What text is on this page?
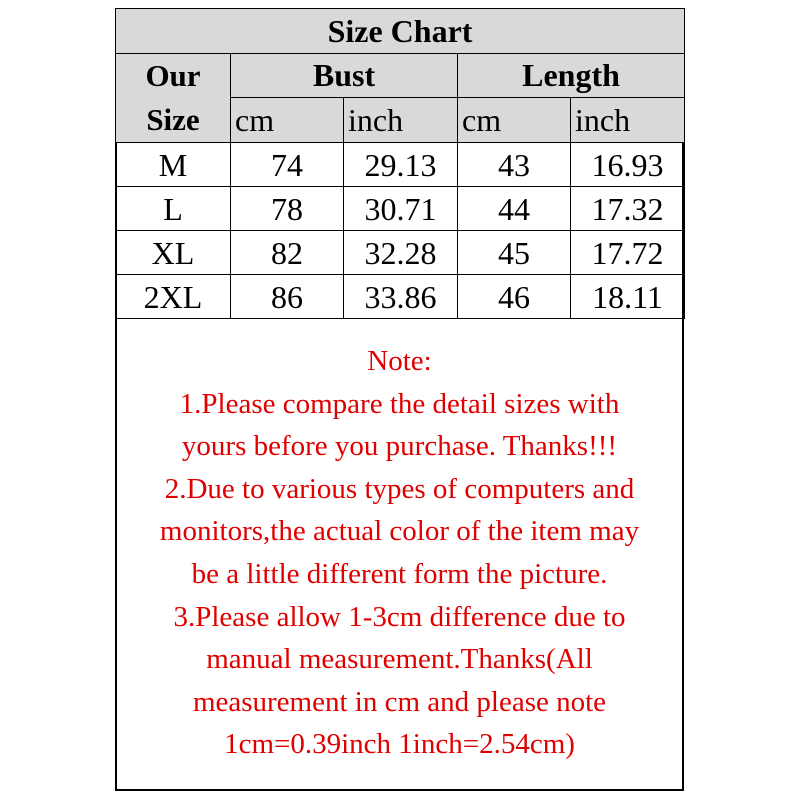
Size Chart				

Our
Size	Bust		Length	
	cm	inch	cm	inch
M	74	29.13	43	16.93
L	78	30.71	44	17.32
XL	82	32.28	45	17.72
2XL	86	33.86	46	18.11
Note:
1.Please compare the detail sizes with
yours before you purchase. Thanks!!!
2.Due to various types of computers and
monitors,the actual color of the item may
be a little different form the picture.
3.Please allow 1-3cm difference due to
manual measurement.Thanks(All
measurement in cm and please note
1cm=0.39inch 1inch=2.54cm)
